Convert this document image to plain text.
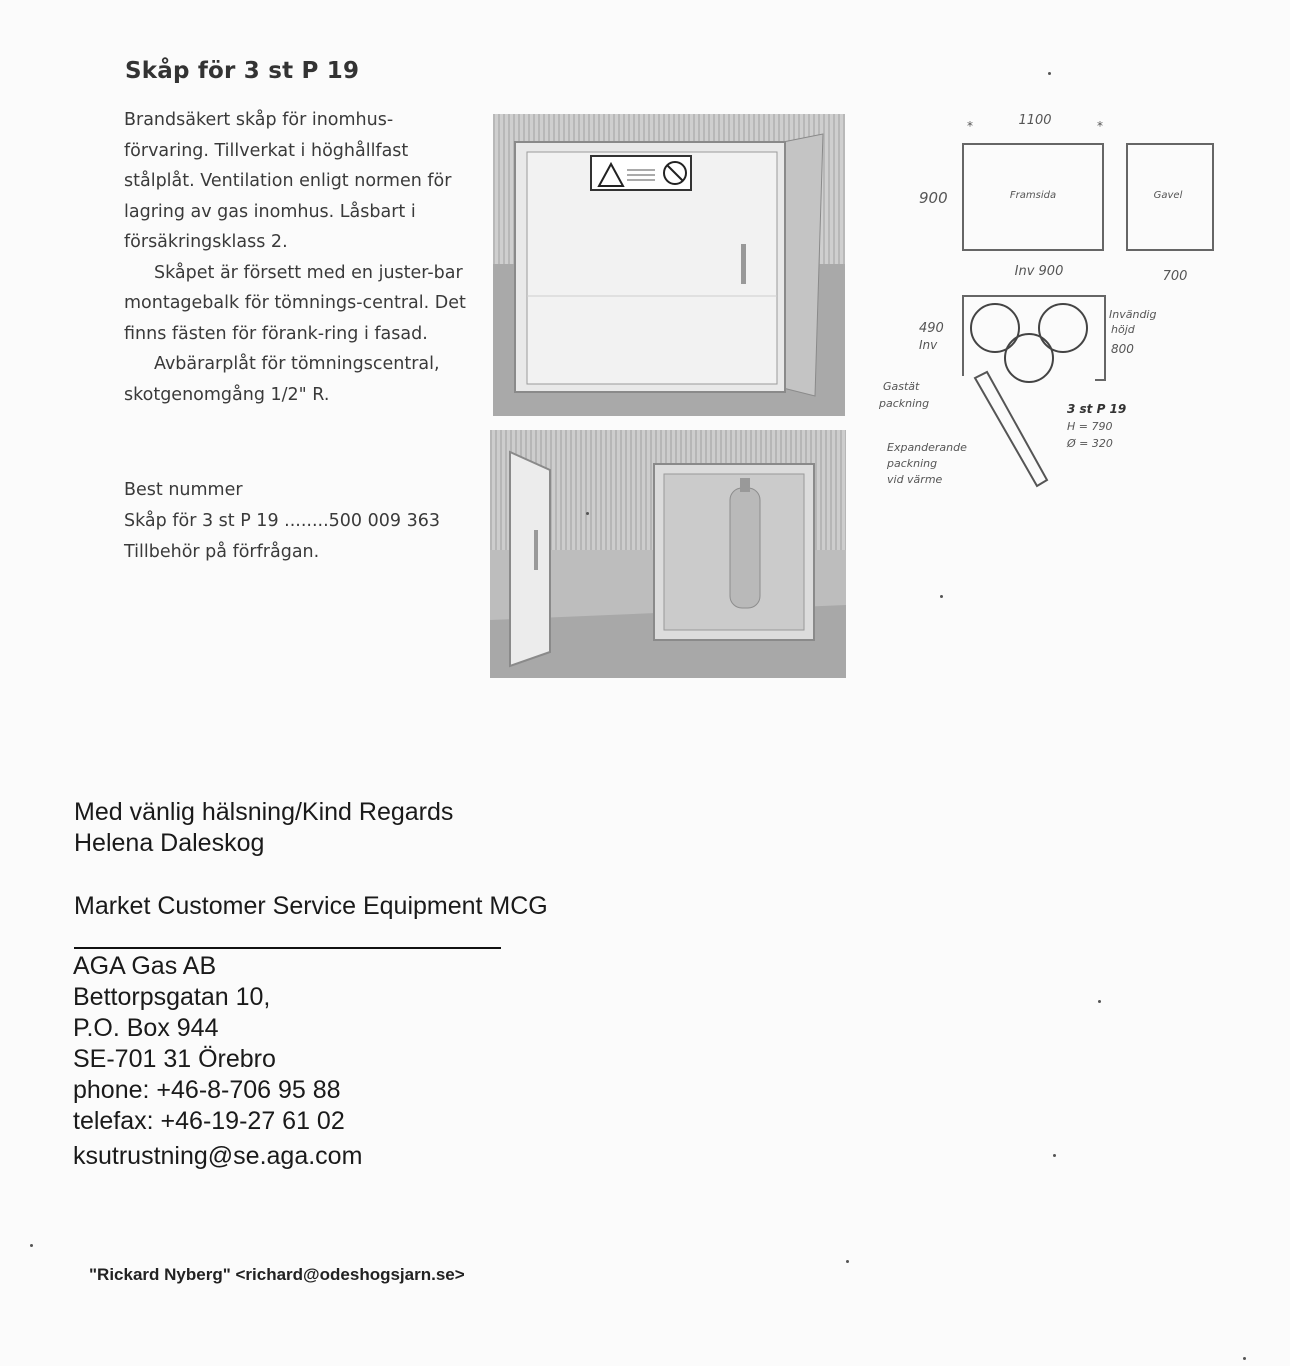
Skåp för 3 st P 19

Brandsäkert skåp för inomhus-förvaring. Tillverkat i höghållfast stålplåt. Ventilation enligt normen för lagring av gas inomhus. Låsbart i försäkringsklass 2.

Skåpet är försett med en juster-bar montagebalk för tömnings-central. Det finns fästen för förank-ring i fasad.

Avbärarplåt för tömningscentral, skotgenomgång 1/2" R.

Best nummer
Skåp för 3 st P 19 ........500 009 363
Tillbehör på förfrågan.
1100
900	Framsida
*	*
Gavel
Inv 900	700
490
Inv
Invändig
höjd
800
Gastät
packning
Expanderande
packning
vid värme
3 st P 19
H = 790
Ø = 320
Med vänlig hälsning/Kind Regards
Helena Daleskog
Market Customer Service Equipment MCG
AGA Gas AB
Bettorpsgatan 10,
P.O. Box 944
SE-701 31 Örebro
phone: +46-8-706 95 88
telefax: +46-19-27 61 02
ksutrustning@se.aga.com
"Rickard Nyberg" <richard@odeshogsjarn.se>
